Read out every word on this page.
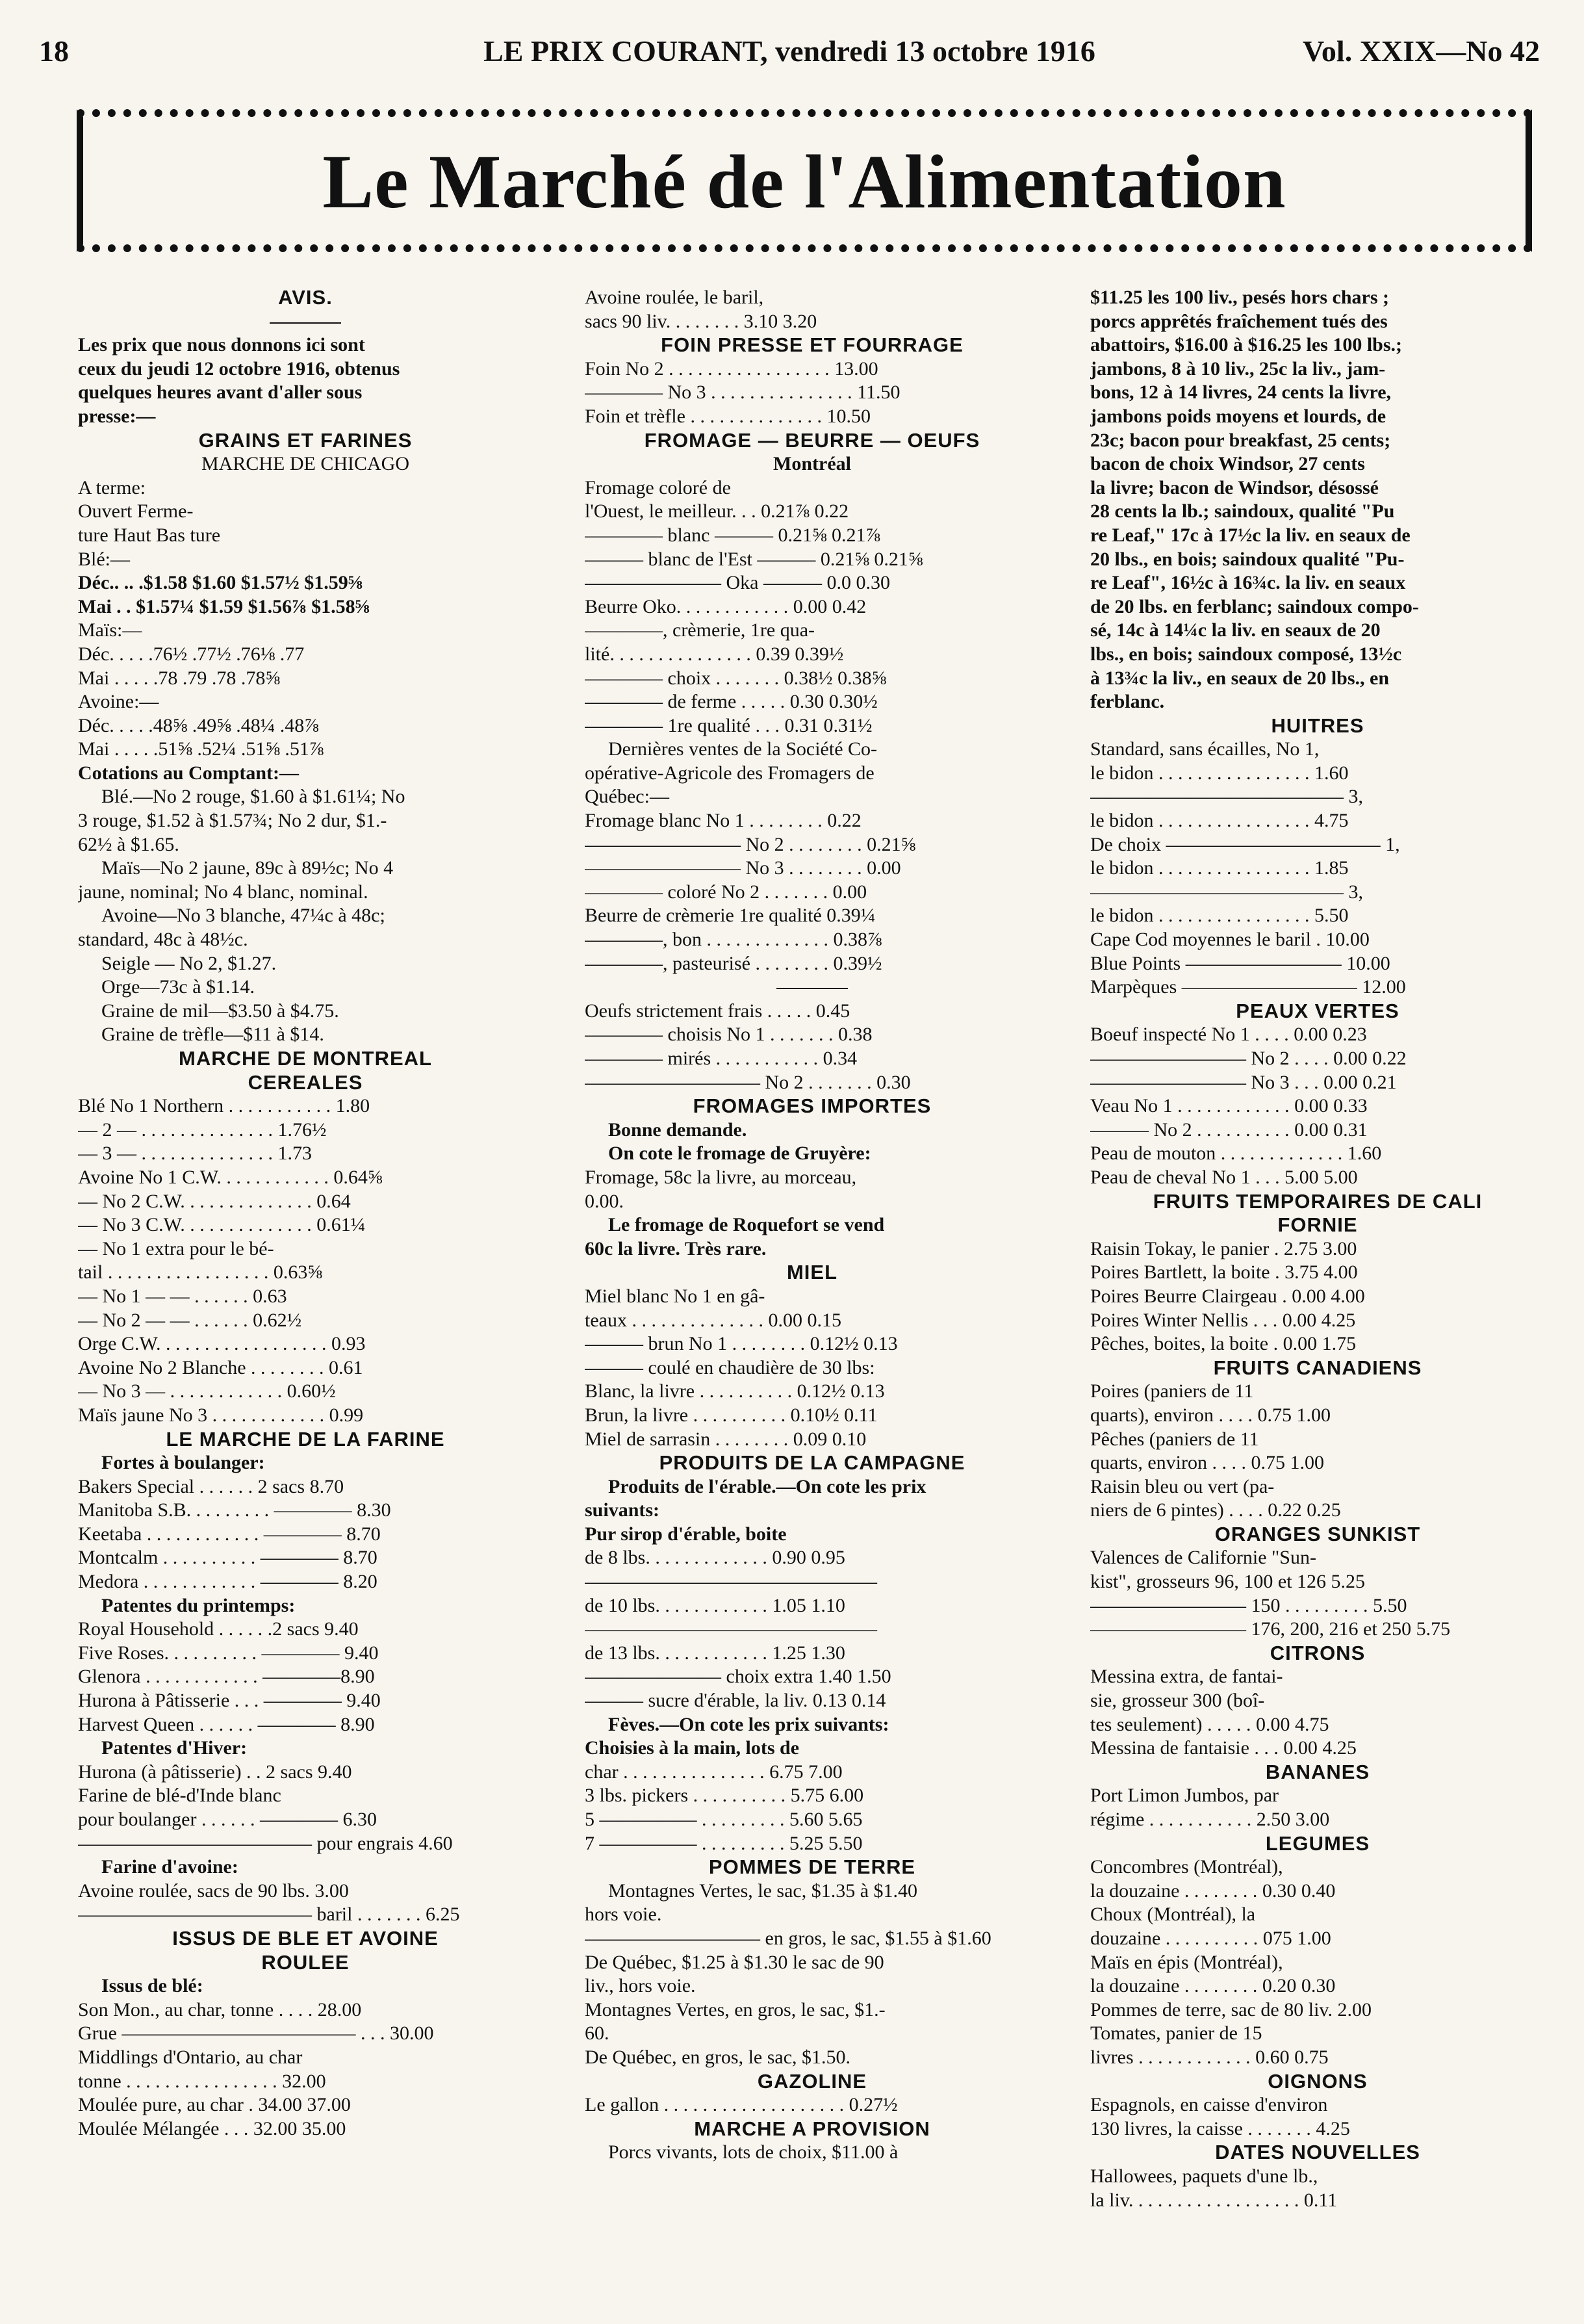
18	LE PRIX COURANT, vendredi 13 octobre 1916	Vol. XXIX—No 42
Le Marché de l'Alimentation
AVIS.
Les prix que nous donnons ici sont
ceux du jeudi 12 octobre 1916, obtenus
quelques heures avant d'aller sous
presse:—
GRAINS ET FARINES
MARCHE DE CHICAGO
A terme:
Ouvert Ferme-
ture Haut Bas ture
Blé:—
Déc.. .. .$1.58 $1.60 $1.57½ $1.59⅝
Mai . . $1.57¼ $1.59 $1.56⅞ $1.58⅝
Maïs:—
Déc. . . . .76½ .77½ .76⅛ .77
Mai . . . . .78 .79 .78 .78⅝
Avoine:—
Déc. . . . .48⅝ .49⅝ .48¼ .48⅞
Mai . . . . .51⅝ .52¼ .51⅝ .51⅞
Cotations au Comptant:—
Blé.—No 2 rouge, $1.60 à $1.61¼; No
3 rouge, $1.52 à $1.57¾; No 2 dur, $1.-
62½ à $1.65.
Maïs—No 2 jaune, 89c à 89½c; No 4
jaune, nominal; No 4 blanc, nominal.
Avoine—No 3 blanche, 47¼c à 48c;
standard, 48c à 48½c.
Seigle — No 2, $1.27.
Orge—73c à $1.14.
Graine de mil—$3.50 à $4.75.
Graine de trèfle—$11 à $14.
MARCHE DE MONTREAL
CEREALES
Blé No 1 Northern . . . . . . . . . . . 1.80
— 2 — . . . . . . . . . . . . . . 1.76½
— 3 — . . . . . . . . . . . . . . 1.73
Avoine No 1 C.W. . . . . . . . . . . . 0.64⅝
— No 2 C.W. . . . . . . . . . . . . . 0.64
— No 3 C.W. . . . . . . . . . . . . . 0.61¼
— No 1 extra pour le bé-
tail . . . . . . . . . . . . . . . . . 0.63⅝
— No 1 — — . . . . . . 0.63
— No 2 — — . . . . . . 0.62½
Orge C.W. . . . . . . . . . . . . . . . . . 0.93
Avoine No 2 Blanche . . . . . . . . 0.61
— No 3 — . . . . . . . . . . . . 0.60½
Maïs jaune No 3 . . . . . . . . . . . . 0.99
LE MARCHE DE LA FARINE
Fortes à boulanger:
Bakers Special . . . . . . 2 sacs 8.70
Manitoba S.B. . . . . . . . . ———— 8.30
Keetaba . . . . . . . . . . . . ———— 8.70
Montcalm . . . . . . . . . . ———— 8.70
Medora . . . . . . . . . . . . ———— 8.20
Patentes du printemps:
Royal Household . . . . . .2 sacs 9.40
Five Roses. . . . . . . . . . ———— 9.40
Glenora . . . . . . . . . . . . ————8.90
Hurona à Pâtisserie . . . ———— 9.40
Harvest Queen . . . . . . ———— 8.90
Patentes d'Hiver:
Hurona (à pâtisserie) . . 2 sacs 9.40
Farine de blé-d'Inde blanc
pour boulanger . . . . . . ———— 6.30
———————————— pour engrais 4.60
Farine d'avoine:
Avoine roulée, sacs de 90 lbs. 3.00
———————————— baril . . . . . . . 6.25
ISSUS DE BLE ET AVOINE
ROULEE
Issus de blé:
Son Mon., au char, tonne . . . . 28.00
Grue ———————————— . . . 30.00
Middlings d'Ontario, au char
tonne . . . . . . . . . . . . . . . . 32.00
Moulée pure, au char . 34.00 37.00
Moulée Mélangée . . . 32.00 35.00
Avoine roulée, le baril,
sacs 90 liv. . . . . . . . 3.10 3.20
FOIN PRESSE ET FOURRAGE
Foin No 2 . . . . . . . . . . . . . . . . . 13.00
———— No 3 . . . . . . . . . . . . . . . 11.50
Foin et trèfle . . . . . . . . . . . . . . 10.50
FROMAGE — BEURRE — OEUFS
Montréal
Fromage coloré de
l'Ouest, le meilleur. . . 0.21⅞ 0.22
———— blanc ——— 0.21⅝ 0.21⅞
——— blanc de l'Est ——— 0.21⅝ 0.21⅝
——————— Oka ——— 0.0 0.30
Beurre Oko. . . . . . . . . . . . 0.00 0.42
————, crèmerie, 1re qua-
lité. . . . . . . . . . . . . . . 0.39 0.39½
———— choix . . . . . . . 0.38½ 0.38⅝
———— de ferme . . . . . 0.30 0.30½
———— 1re qualité . . . 0.31 0.31½
Dernières ventes de la Société Co-
opérative-Agricole des Fromagers de
Québec:—
Fromage blanc No 1 . . . . . . . . 0.22
———————— No 2 . . . . . . . . 0.21⅝
———————— No 3 . . . . . . . . 0.00
———— coloré No 2 . . . . . . . 0.00
Beurre de crèmerie 1re qualité 0.39¼
————, bon . . . . . . . . . . . . . 0.38⅞
————, pasteurisé . . . . . . . . 0.39½
Oeufs strictement frais . . . . . 0.45
———— choisis No 1 . . . . . . . 0.38
———— mirés . . . . . . . . . . . 0.34
————————— No 2 . . . . . . . 0.30
FROMAGES IMPORTES
Bonne demande.
On cote le fromage de Gruyère:
Fromage, 58c la livre, au morceau,
0.00.
Le fromage de Roquefort se vend
60c la livre. Très rare.
MIEL
Miel blanc No 1 en gâ-
teaux . . . . . . . . . . . . . . 0.00 0.15
——— brun No 1 . . . . . . . . 0.12½ 0.13
——— coulé en chaudière de 30 lbs:
Blanc, la livre . . . . . . . . . . 0.12½ 0.13
Brun, la livre . . . . . . . . . . 0.10½ 0.11
Miel de sarrasin . . . . . . . . 0.09 0.10
PRODUITS DE LA CAMPAGNE
Produits de l'érable.—On cote les prix
suivants:
Pur sirop d'érable, boite
de 8 lbs. . . . . . . . . . . . . 0.90 0.95
———————————————
de 10 lbs. . . . . . . . . . . . 1.05 1.10
———————————————
de 13 lbs. . . . . . . . . . . . 1.25 1.30
——————— choix extra 1.40 1.50
——— sucre d'érable, la liv. 0.13 0.14
Fèves.—On cote les prix suivants:
Choisies à la main, lots de
char . . . . . . . . . . . . . . . 6.75 7.00
3 lbs. pickers . . . . . . . . . . 5.75 6.00
5 ————— . . . . . . . . . 5.60 5.65
7 ————— . . . . . . . . . 5.25 5.50
POMMES DE TERRE
Montagnes Vertes, le sac, $1.35 à $1.40
hors voie.
————————— en gros, le sac, $1.55 à $1.60
De Québec, $1.25 à $1.30 le sac de 90
liv., hors voie.
Montagnes Vertes, en gros, le sac, $1.-
60.
De Québec, en gros, le sac, $1.50.
GAZOLINE
Le gallon . . . . . . . . . . . . . . . . . . . 0.27½
MARCHE A PROVISION
Porcs vivants, lots de choix, $11.00 à
$11.25 les 100 liv., pesés hors chars ;
porcs apprêtés fraîchement tués des
abattoirs, $16.00 à $16.25 les 100 lbs.;
jambons, 8 à 10 liv., 25c la liv., jam-
bons, 12 à 14 livres, 24 cents la livre,
jambons poids moyens et lourds, de
23c; bacon pour breakfast, 25 cents;
bacon de choix Windsor, 27 cents
la livre; bacon de Windsor, désossé
28 cents la lb.; saindoux, qualité "Pu
re Leaf," 17c à 17½c la liv. en seaux de
20 lbs., en bois; saindoux qualité "Pu-
re Leaf", 16½c à 16¾c. la liv. en seaux
de 20 lbs. en ferblanc; saindoux compo-
sé, 14c à 14¼c la liv. en seaux de 20
lbs., en bois; saindoux composé, 13½c
à 13¾c la liv., en seaux de 20 lbs., en
ferblanc.
HUITRES
Standard, sans écailles, No 1,
le bidon . . . . . . . . . . . . . . . . 1.60
————————————— 3,
le bidon . . . . . . . . . . . . . . . . 4.75
De choix ——————————— 1,
le bidon . . . . . . . . . . . . . . . . 1.85
————————————— 3,
le bidon . . . . . . . . . . . . . . . . 5.50
Cape Cod moyennes le baril . 10.00
Blue Points ———————— 10.00
Marpèques ————————— 12.00
PEAUX VERTES
Boeuf inspecté No 1 . . . . 0.00 0.23
———————— No 2 . . . . 0.00 0.22
———————— No 3 . . . 0.00 0.21
Veau No 1 . . . . . . . . . . . . 0.00 0.33
——— No 2 . . . . . . . . . . 0.00 0.31
Peau de mouton . . . . . . . . . . . . . 1.60
Peau de cheval No 1 . . . 5.00 5.00
FRUITS TEMPORAIRES DE CALI
FORNIE
Raisin Tokay, le panier . 2.75 3.00
Poires Bartlett, la boite . 3.75 4.00
Poires Beurre Clairgeau . 0.00 4.00
Poires Winter Nellis . . . 0.00 4.25
Pêches, boites, la boite . 0.00 1.75
FRUITS CANADIENS
Poires (paniers de 11
quarts), environ . . . . 0.75 1.00
Pêches (paniers de 11
quarts, environ . . . . 0.75 1.00
Raisin bleu ou vert (pa-
niers de 6 pintes) . . . . 0.22 0.25
ORANGES SUNKIST
Valences de Californie "Sun-
kist", grosseurs 96, 100 et 126 5.25
———————— 150 . . . . . . . . . 5.50
———————— 176, 200, 216 et 250 5.75
CITRONS
Messina extra, de fantai-
sie, grosseur 300 (boî-
tes seulement) . . . . . 0.00 4.75
Messina de fantaisie . . . 0.00 4.25
BANANES
Port Limon Jumbos, par
régime . . . . . . . . . . . 2.50 3.00
LEGUMES
Concombres (Montréal),
la douzaine . . . . . . . . 0.30 0.40
Choux (Montréal), la
douzaine . . . . . . . . . . 075 1.00
Maïs en épis (Montréal),
la douzaine . . . . . . . . 0.20 0.30
Pommes de terre, sac de 80 liv. 2.00
Tomates, panier de 15
livres . . . . . . . . . . . . 0.60 0.75
OIGNONS
Espagnols, en caisse d'environ
130 livres, la caisse . . . . . . . 4.25
DATES NOUVELLES
Hallowees, paquets d'une lb.,
la liv. . . . . . . . . . . . . . . . . . 0.11
